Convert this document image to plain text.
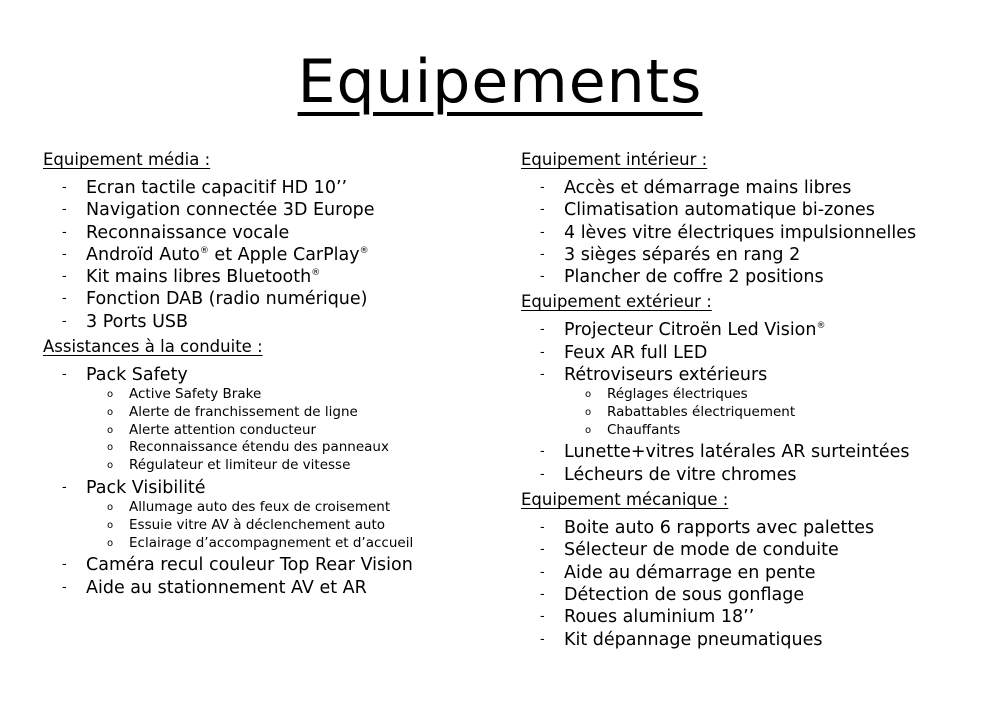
Equipements
Equipement média :
- Ecran tactile capacitif HD 10’’
- Navigation connectée 3D Europe
- Reconnaissance vocale
- Androïd Auto® et Apple CarPlay®
- Kit mains libres Bluetooth®
- Fonction DAB (radio numérique)
- 3 Ports USB
Assistances à la conduite :
- Pack Safety
o Active Safety Brake
o Alerte de franchissement de ligne
o Alerte attention conducteur
o Reconnaissance étendu des panneaux
o Régulateur et limiteur de vitesse
- Pack Visibilité
o Allumage auto des feux de croisement
o Essuie vitre AV à déclenchement auto
o Eclairage d’accompagnement et d’accueil
- Caméra recul couleur Top Rear Vision
- Aide au stationnement AV et AR
Equipement intérieur :
- Accès et démarrage mains libres
- Climatisation automatique bi-zones
- 4 lèves vitre électriques impulsionnelles
- 3 sièges séparés en rang 2
- Plancher de coffre 2 positions
Equipement extérieur :
- Projecteur Citroën Led Vision®
- Feux AR full LED
- Rétroviseurs extérieurs
o Réglages électriques
o Rabattables électriquement
o Chauffants
- Lunette+vitres latérales AR surteintées
- Lécheurs de vitre chromes
Equipement mécanique :
- Boite auto 6 rapports avec palettes
- Sélecteur de mode de conduite
- Aide au démarrage en pente
- Détection de sous gonflage
- Roues aluminium 18’’
- Kit dépannage pneumatiques
